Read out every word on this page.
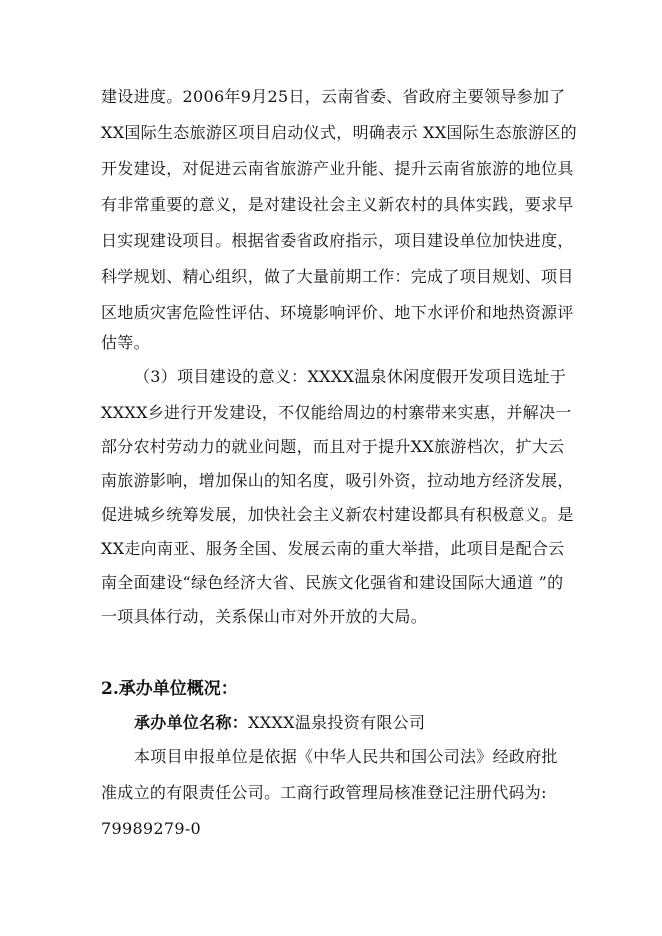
建设进度。2006年9月25日，云南省委、省政府主要领导参加了
XX国际生态旅游区项目启动仪式，明确表示 XX国际生态旅游区的
开发建设，对促进云南省旅游产业升能、提升云南省旅游的地位具
有非常重要的意义，是对建设社会主义新农村的具体实践，要求早
日实现建设项目。根据省委省政府指示，项目建设单位加快进度，
科学规划、精心组织，做了大量前期工作：完成了项目规划、项目
区地质灾害危险性评估、环境影响评价、地下水评价和地热资源评
估等。
（3）项目建设的意义：XXXX温泉休闲度假开发项目选址于
XXXX乡进行开发建设，不仅能给周边的村寨带来实惠，并解决一
部分农村劳动力的就业问题，而且对于提升XX旅游档次，扩大云
南旅游影响，增加保山的知名度，吸引外资，拉动地方经济发展，
促进城乡统筹发展，加快社会主义新农村建设都具有积极意义。是
XX走向南亚、服务全国、发展云南的重大举措，此项目是配合云
南全面建设“绿色经济大省、民族文化强省和建设国际大通道 ”的
一项具体行动，关系保山市对外开放的大局。
2.承办单位概况：
承办单位名称：XXXX温泉投资有限公司
本项目申报单位是依据《中华人民共和国公司法》经政府批
准成立的有限责任公司。工商行政管理局核准登记注册代码为:
79989279-0
